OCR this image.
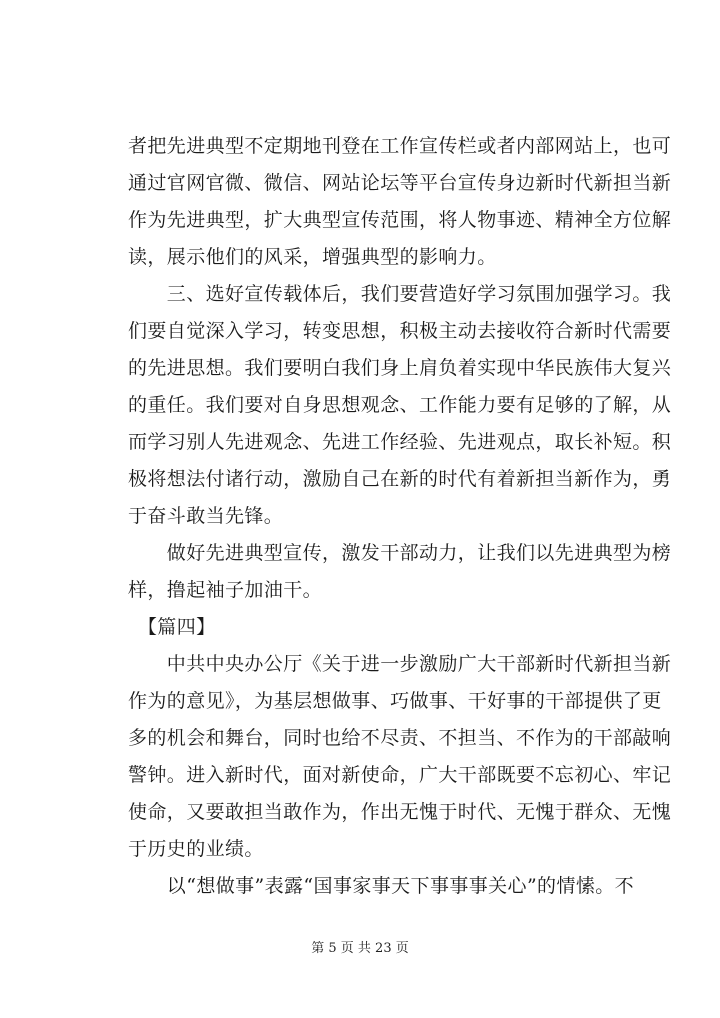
者把先进典型不定期地刊登在工作宣传栏或者内部网站上，也可
通过官网官微、微信、网站论坛等平台宣传身边新时代新担当新
作为先进典型，扩大典型宣传范围，将人物事迹、精神全方位解
读，展示他们的风采，增强典型的影响力。
　　三、选好宣传载体后，我们要营造好学习氛围加强学习。我
们要自觉深入学习，转变思想，积极主动去接收符合新时代需要
的先进思想。我们要明白我们身上肩负着实现中华民族伟大复兴
的重任。我们要对自身思想观念、工作能力要有足够的了解，从
而学习别人先进观念、先进工作经验、先进观点，取长补短。积
极将想法付诸行动，激励自己在新的时代有着新担当新作为，勇
于奋斗敢当先锋。
　　做好先进典型宣传，激发干部动力，让我们以先进典型为榜
样，撸起袖子加油干。
　【篇四】
　　中共中央办公厅《关于进一步激励广大干部新时代新担当新
作为的意见》，为基层想做事、巧做事、干好事的干部提供了更
多的机会和舞台，同时也给不尽责、不担当、不作为的干部敲响
警钟。进入新时代，面对新使命，广大干部既要不忘初心、牢记
使命，又要敢担当敢作为，作出无愧于时代、无愧于群众、无愧
于历史的业绩。
　　以“想做事”表露“国事家事天下事事事关心”的情愫。不
第 5 页 共 23 页
